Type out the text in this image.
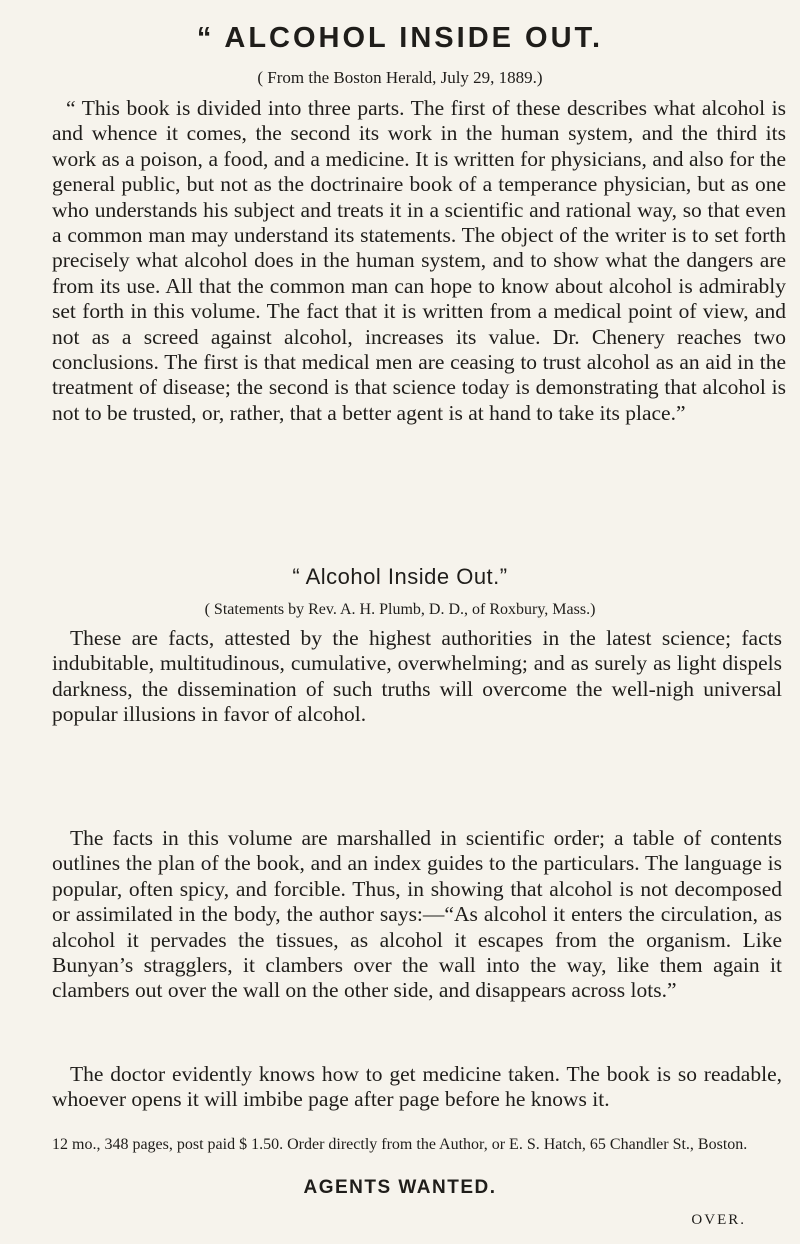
“ ALCOHOL INSIDE OUT.
( From the Boston Herald, July 29, 1889.)
“ This book is divided into three parts. The first of these describes what alcohol is and whence it comes, the second its work in the human system, and the third its work as a poison, a food, and a medicine. It is written for physicians, and also for the general public, but not as the doctrinaire book of a temperance physician, but as one who understands his subject and treats it in a scientific and rational way, so that even a common man may understand its statements. The object of the writer is to set forth precisely what alcohol does in the human system, and to show what the dangers are from its use. All that the common man can hope to know about alcohol is admirably set forth in this volume. The fact that it is written from a medical point of view, and not as a screed against alcohol, increases its value. Dr. Chenery reaches two conclusions. The first is that medical men are ceasing to trust alcohol as an aid in the treatment of disease; the second is that science today is demonstrating that alcohol is not to be trusted, or, rather, that a better agent is at hand to take its place.”
“ Alcohol Inside Out.”
( Statements by Rev. A. H. Plumb, D. D., of Roxbury, Mass.)
These are facts, attested by the highest authorities in the latest science; facts indubitable, multitudinous, cumulative, overwhelming; and as surely as light dispels darkness, the dissemination of such truths will overcome the well-nigh universal popular illusions in favor of alcohol.
The facts in this volume are marshalled in scientific order; a table of contents outlines the plan of the book, and an index guides to the particulars. The language is popular, often spicy, and forcible. Thus, in showing that alcohol is not decomposed or assimilated in the body, the author says:—“As alcohol it enters the circulation, as alcohol it pervades the tissues, as alcohol it escapes from the organism. Like Bunyan’s stragglers, it clambers over the wall into the way, like them again it clambers out over the wall on the other side, and disappears across lots.”
The doctor evidently knows how to get medicine taken. The book is so readable, whoever opens it will imbibe page after page before he knows it.
12 mo., 348 pages, post paid $ 1.50. Order directly from the Author, or E. S. Hatch, 65 Chandler St., Boston.
AGENTS WANTED.
OVER.
